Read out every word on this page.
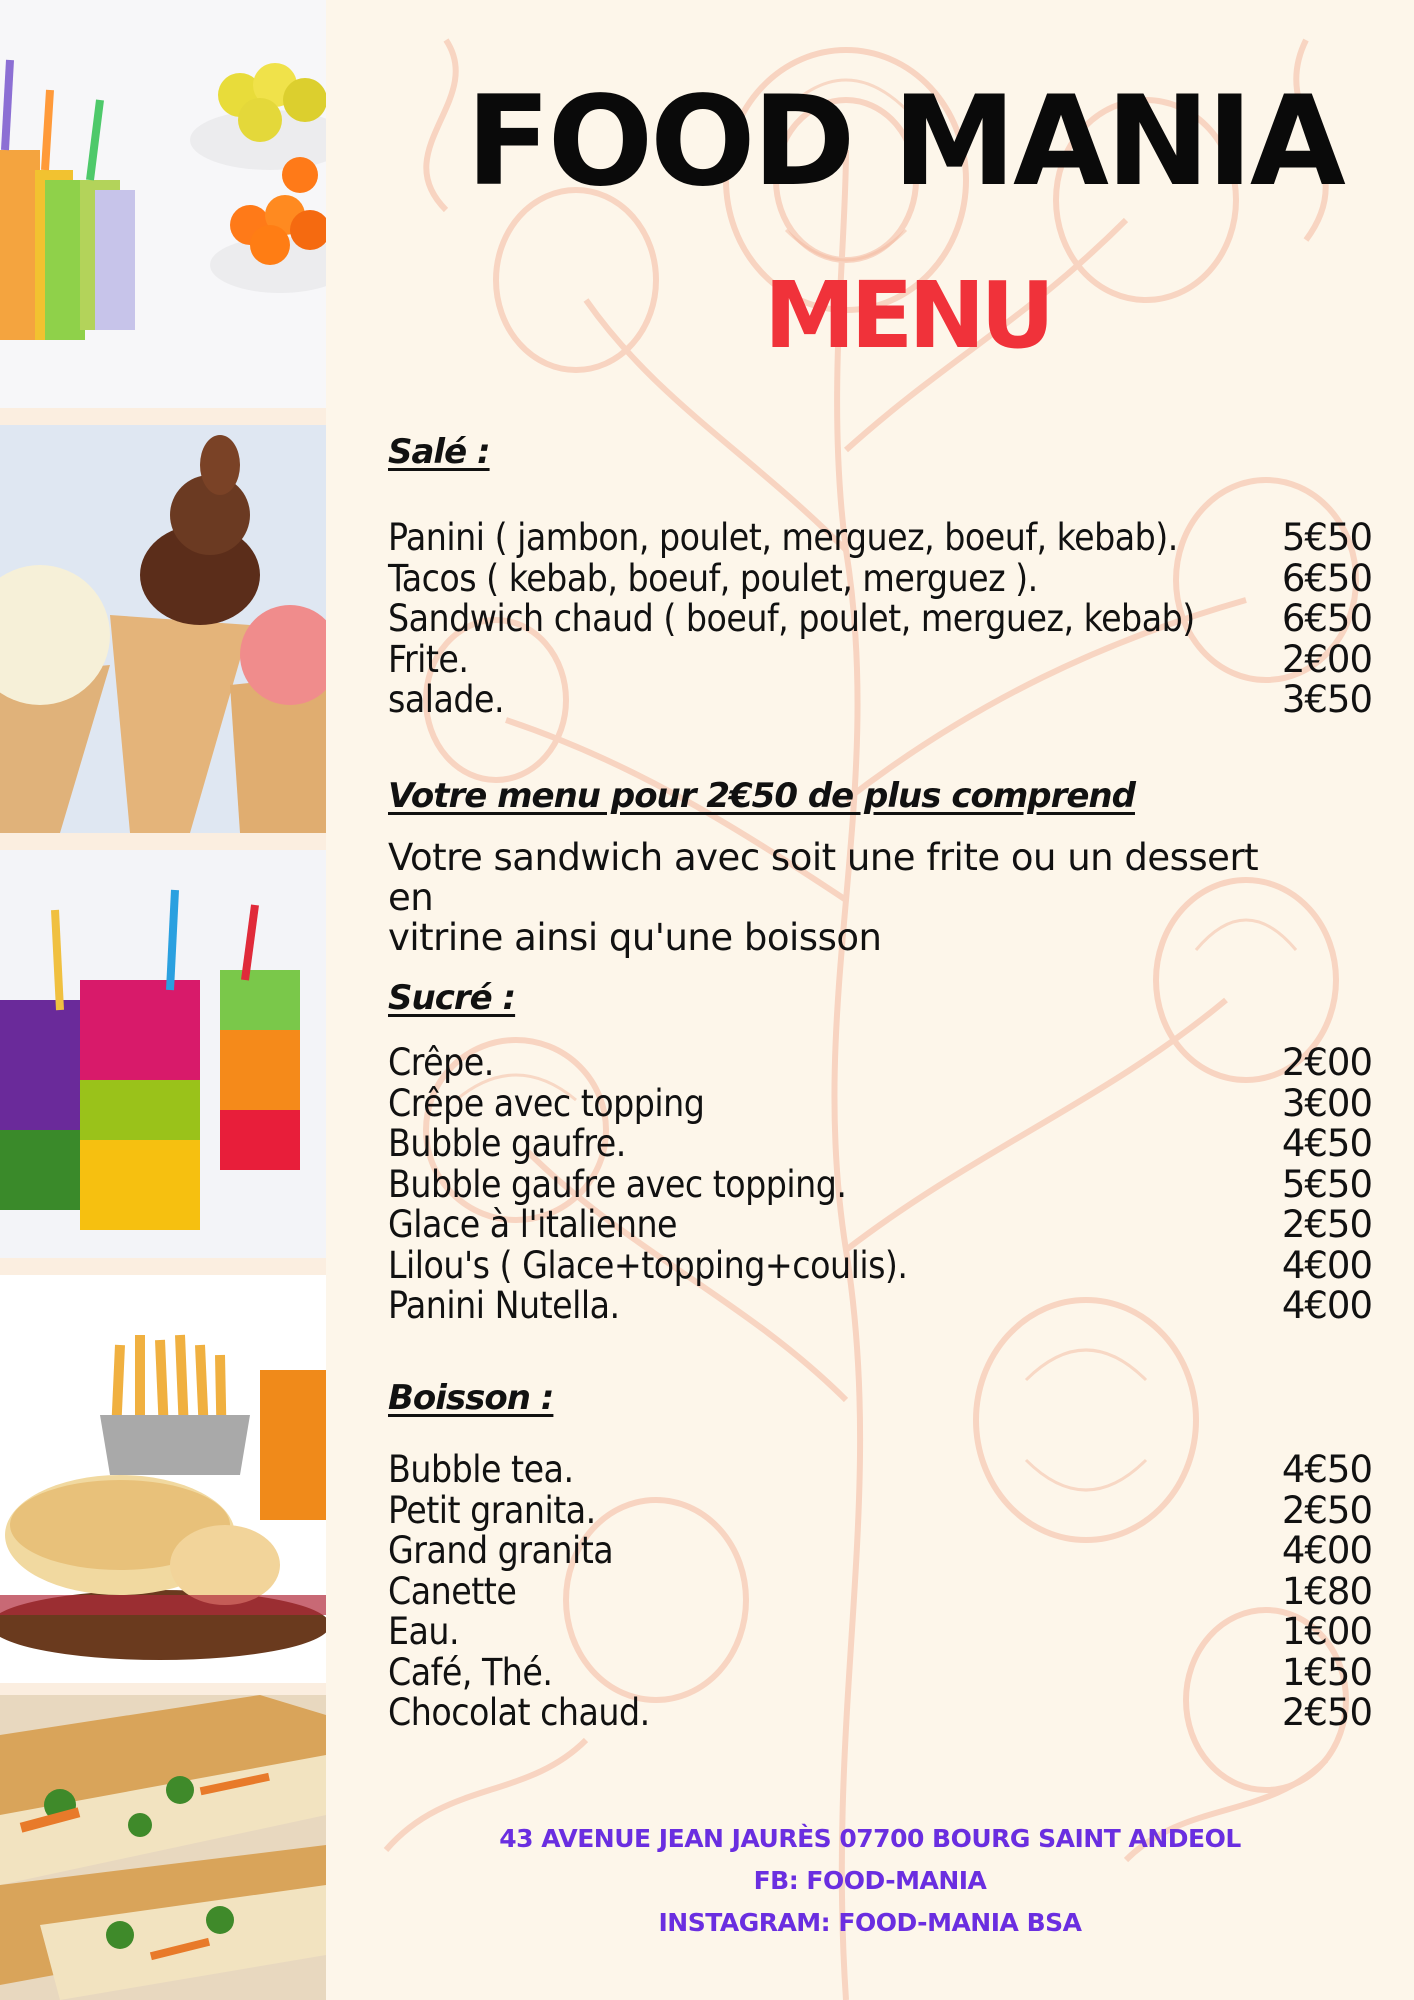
FOOD MANIA
MENU
Salé :
Panini ( jambon, poulet, merguez, boeuf, kebab).	5€50
Tacos ( kebab, boeuf, poulet, merguez ).	6€50
Sandwich chaud ( boeuf, poulet, merguez, kebab) 6€50
Frite.	2€00
salade.	3€50
Votre menu pour 2€50 de plus comprend
Votre sandwich avec soit une frite ou un dessert en
vitrine ainsi qu'une boisson
Sucré :
Crêpe.	2€00
Crêpe avec topping	3€00
Bubble gaufre.	4€50
Bubble gaufre avec topping.	5€50
Glace à l'italienne	2€50
Lilou's ( Glace+topping+coulis).	4€00
Panini Nutella.	4€00
Boisson :
Bubble tea.	4€50
Petit granita.	2€50
Grand granita	4€00
Canette	1€80
Eau.	1€00
Café, Thé.	1€50
Chocolat chaud.	2€50
43 AVENUE JEAN JAURÈS 07700 BOURG SAINT ANDEOL
FB: FOOD-MANIA
INSTAGRAM: FOOD-MANIA BSA
